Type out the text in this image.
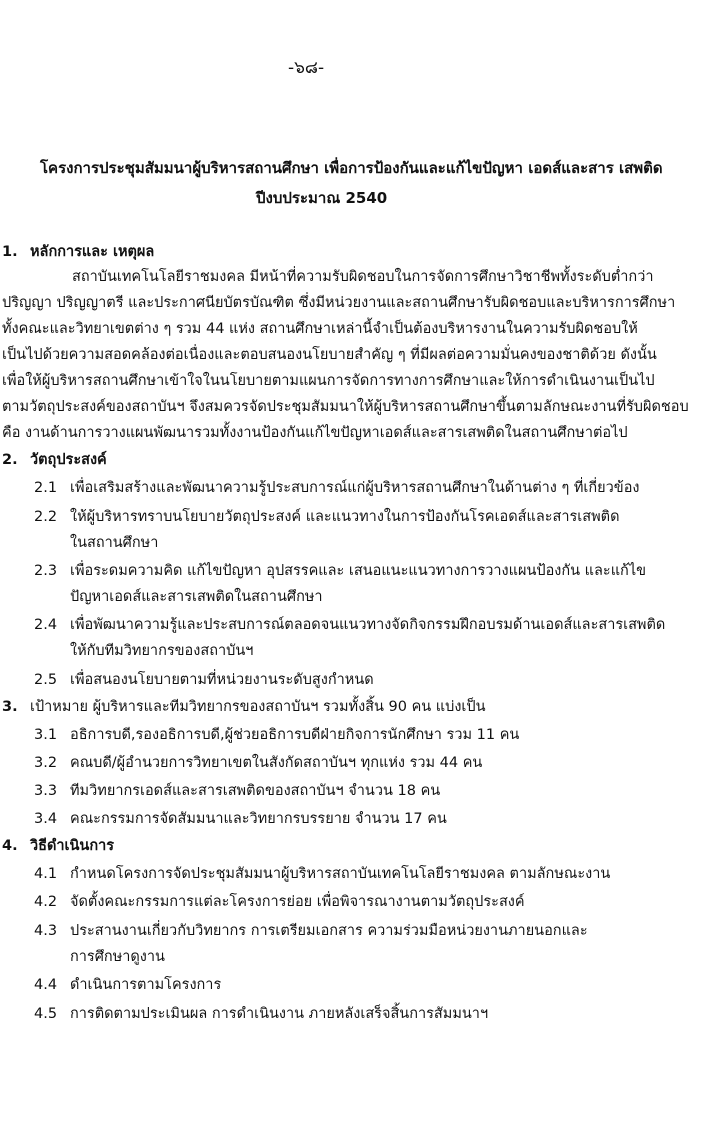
-๖๘-
โครงการประชุมสัมมนาผู้บริหารสถานศึกษา เพื่อการป้องกันและแก้ไขปัญหา เอดส์และสาร เสพติด
ปีงบประมาณ 2540
1. หลักการและ เหตุผล
สถาบันเทคโนโลยีราชมงคล มีหน้าที่ความรับผิดชอบในการจัดการศึกษาวิชาชีพทั้งระดับต่ำกว่า
ปริญญา ปริญญาตรี และประกาศนียบัตรบัณฑิต ซึ่งมีหน่วยงานและสถานศึกษารับผิดชอบและบริหารการศึกษา
ทั้งคณะและวิทยาเขตต่าง ๆ รวม 44 แห่ง สถานศึกษาเหล่านี้จำเป็นต้องบริหารงานในความรับผิดชอบให้
เป็นไปด้วยความสอดคล้องต่อเนื่องและตอบสนองนโยบายสำคัญ ๆ ที่มีผลต่อความมั่นคงของชาติด้วย ดังนั้น
เพื่อให้ผู้บริหารสถานศึกษาเข้าใจในนโยบายตามแผนการจัดการทางการศึกษาและให้การดำเนินงานเป็นไป
ตามวัตถุประสงค์ของสถาบันฯ จึงสมควรจัดประชุมสัมมนาให้ผู้บริหารสถานศึกษาขึ้นตามลักษณะงานที่รับผิดชอบ
คือ งานด้านการวางแผนพัฒนารวมทั้งงานป้องกันแก้ไขปัญหาเอดส์และสารเสพติดในสถานศึกษาต่อไป
2. วัตถุประสงค์
2.1 เพื่อเสริมสร้างและพัฒนาความรู้ประสบการณ์แก่ผู้บริหารสถานศึกษาในด้านต่าง ๆ ที่เกี่ยวข้อง
2.2 ให้ผู้บริหารทราบนโยบายวัตถุประสงค์ และแนวทางในการป้องกันโรคเอดส์และสารเสพติด
ในสถานศึกษา
2.3 เพื่อระดมความคิด แก้ไขปัญหา อุปสรรคและ เสนอแนะแนวทางการวางแผนป้องกัน และแก้ไข
ปัญหาเอดส์และสารเสพติดในสถานศึกษา
2.4 เพื่อพัฒนาความรู้และประสบการณ์ตลอดจนแนวทางจัดกิจกรรมฝึกอบรมด้านเอดส์และสารเสพติด
ให้กับทีมวิทยากรของสถาบันฯ
2.5 เพื่อสนองนโยบายตามที่หน่วยงานระดับสูงกำหนด
3. เป้าหมาย ผู้บริหารและทีมวิทยากรของสถาบันฯ รวมทั้งสิ้น 90 คน แบ่งเป็น
3.1 อธิการบดี,รองอธิการบดี,ผู้ช่วยอธิการบดีฝ่ายกิจการนักศึกษา รวม 11 คน
3.2 คณบดี/ผู้อำนวยการวิทยาเขตในสังกัดสถาบันฯ ทุกแห่ง รวม 44 คน
3.3 ทีมวิทยากรเอดส์และสารเสพติดของสถาบันฯ จำนวน 18 คน
3.4 คณะกรรมการจัดสัมมนาและวิทยากรบรรยาย จำนวน 17 คน
4. วิธีดำเนินการ
4.1 กำหนดโครงการจัดประชุมสัมมนาผู้บริหารสถาบันเทคโนโลยีราชมงคล ตามลักษณะงาน
4.2 จัดตั้งคณะกรรมการแต่ละโครงการย่อย เพื่อพิจารณางานตามวัตถุประสงค์
4.3 ประสานงานเกี่ยวกับวิทยากร การเตรียมเอกสาร ความร่วมมือหน่วยงานภายนอกและ
การศึกษาดูงาน
4.4 ดำเนินการตามโครงการ
4.5 การติดตามประเมินผล การดำเนินงาน ภายหลังเสร็จสิ้นการสัมมนาฯ
